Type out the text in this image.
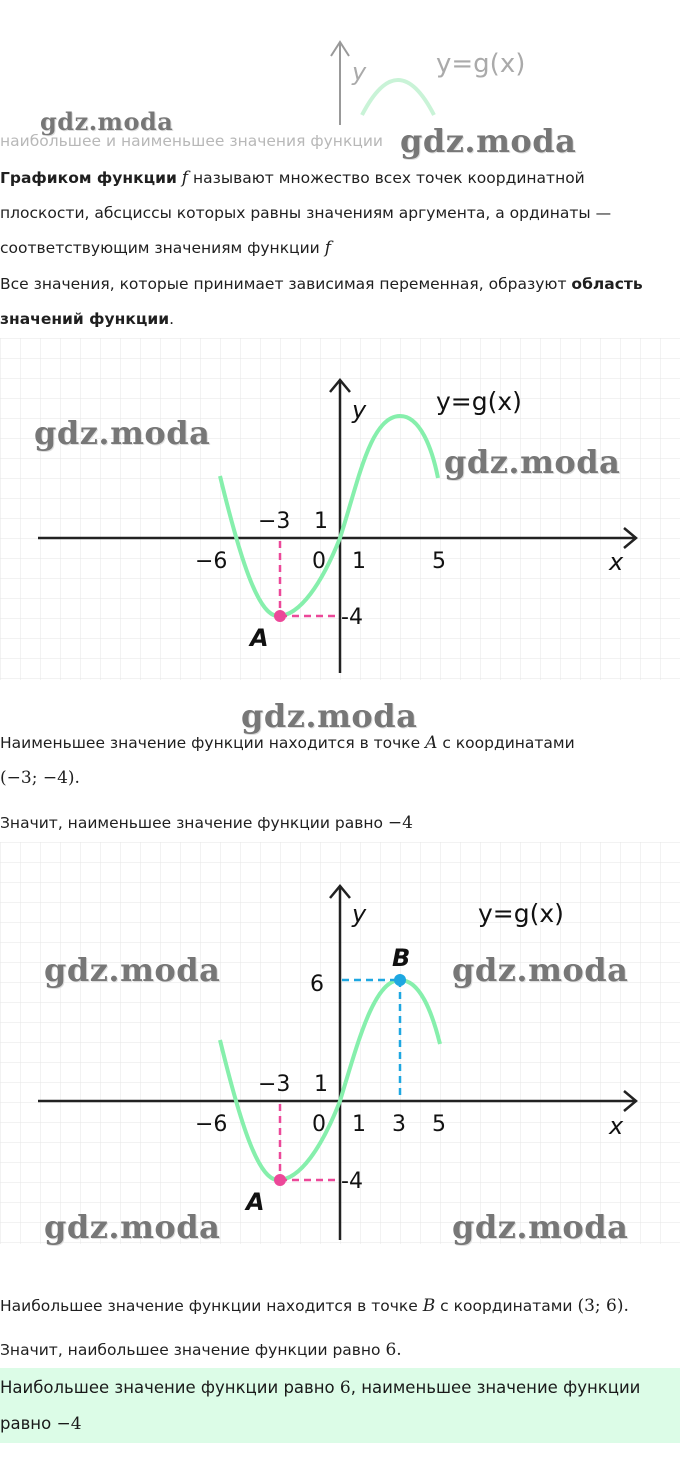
y	y=g(x)
наибольшее и наименьшее значения функции
gdz.moda
gdz.moda
Графиком функции f называют множество всех точек координатной
плоскости, абсциссы которых равны значениям аргумента, а ординаты —
соответствующим значениям функции f
Все значения, которые принимает зависимая переменная, образуют область
значений функции.
y	y=g(x)
−3 1
−6	0 1	5	x
-4
A
gdz.moda
gdz.moda
gdz.moda
Наименьшее значение функции находится в точке A с координатами
(−3; −4).
Значит, наименьшее значение функции равно −4
y	y=g(x)
B
6
−3 1
−6	0 1 3 5	x
-4
A
gdz.moda	gdz.moda
gdz.moda	gdz.moda
Наибольшее значение функции находится в точке B с координатами (3; 6).
Значит, наибольшее значение функции равно 6.
Наибольшее значение функции равно 6, наименьшее значение функции
равно −4
